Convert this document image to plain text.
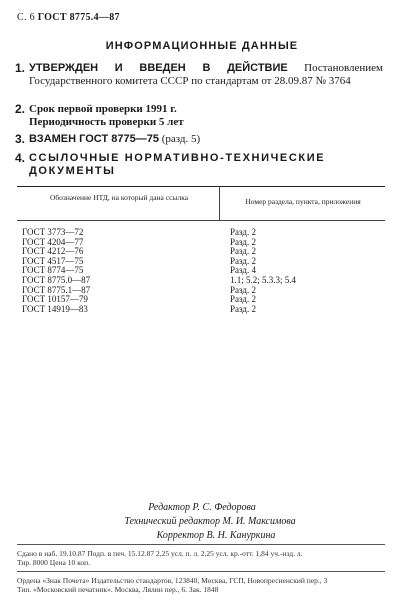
С. 6 ГОСТ 8775.4—87
ИНФОРМАЦИОННЫЕ ДАННЫЕ
1. УТВЕРЖДЕН И ВВЕДЕН В ДЕЙСТВИЕ Постановлением Государственного комитета СССР по стандартам от 28.09.87 № 3764
2. Срок первой проверки 1991 г.
Периодичность проверки 5 лет
3. ВЗАМЕН ГОСТ 8775—75 (разд. 5)
4. ССЫЛОЧНЫЕ НОРМАТИВНО-ТЕХНИЧЕСКИЕ ДОКУМЕНТЫ
Обозначение НТД, на который дана ссылка	Номер раздела, пункта, приложения
ГОСТ 3773—72	Разд. 2
ГОСТ 4204—77	Разд. 2
ГОСТ 4212—76	Разд. 2
ГОСТ 4517—75	Разд. 2
ГОСТ 8774—75	Разд. 4
ГОСТ 8775.0—87	1.1; 5.2; 5.3.3; 5.4
ГОСТ 8775.1—87	Разд. 2
ГОСТ 10157—79	Разд. 2
ГОСТ 14919—83	Разд. 2
Редактор Р. С. Федорова
Технический редактор М. И. Максимова
Корректор В. Н. Кануркина
Сдано в наб. 19.10.87 Подп. в печ. 15.12.87 2,25 усл. п. л. 2,25 усл. кр.-отт. 1,84 уч.-изд. л.
Тир. 8000 Цена 10 коп.
Ордена «Знак Почета» Издательство стандартов, 123840, Москва, ГСП, Новопресненский пер., 3
Тип. «Московский печатник». Москва, Лялин пер., 6. Зак. 1848
